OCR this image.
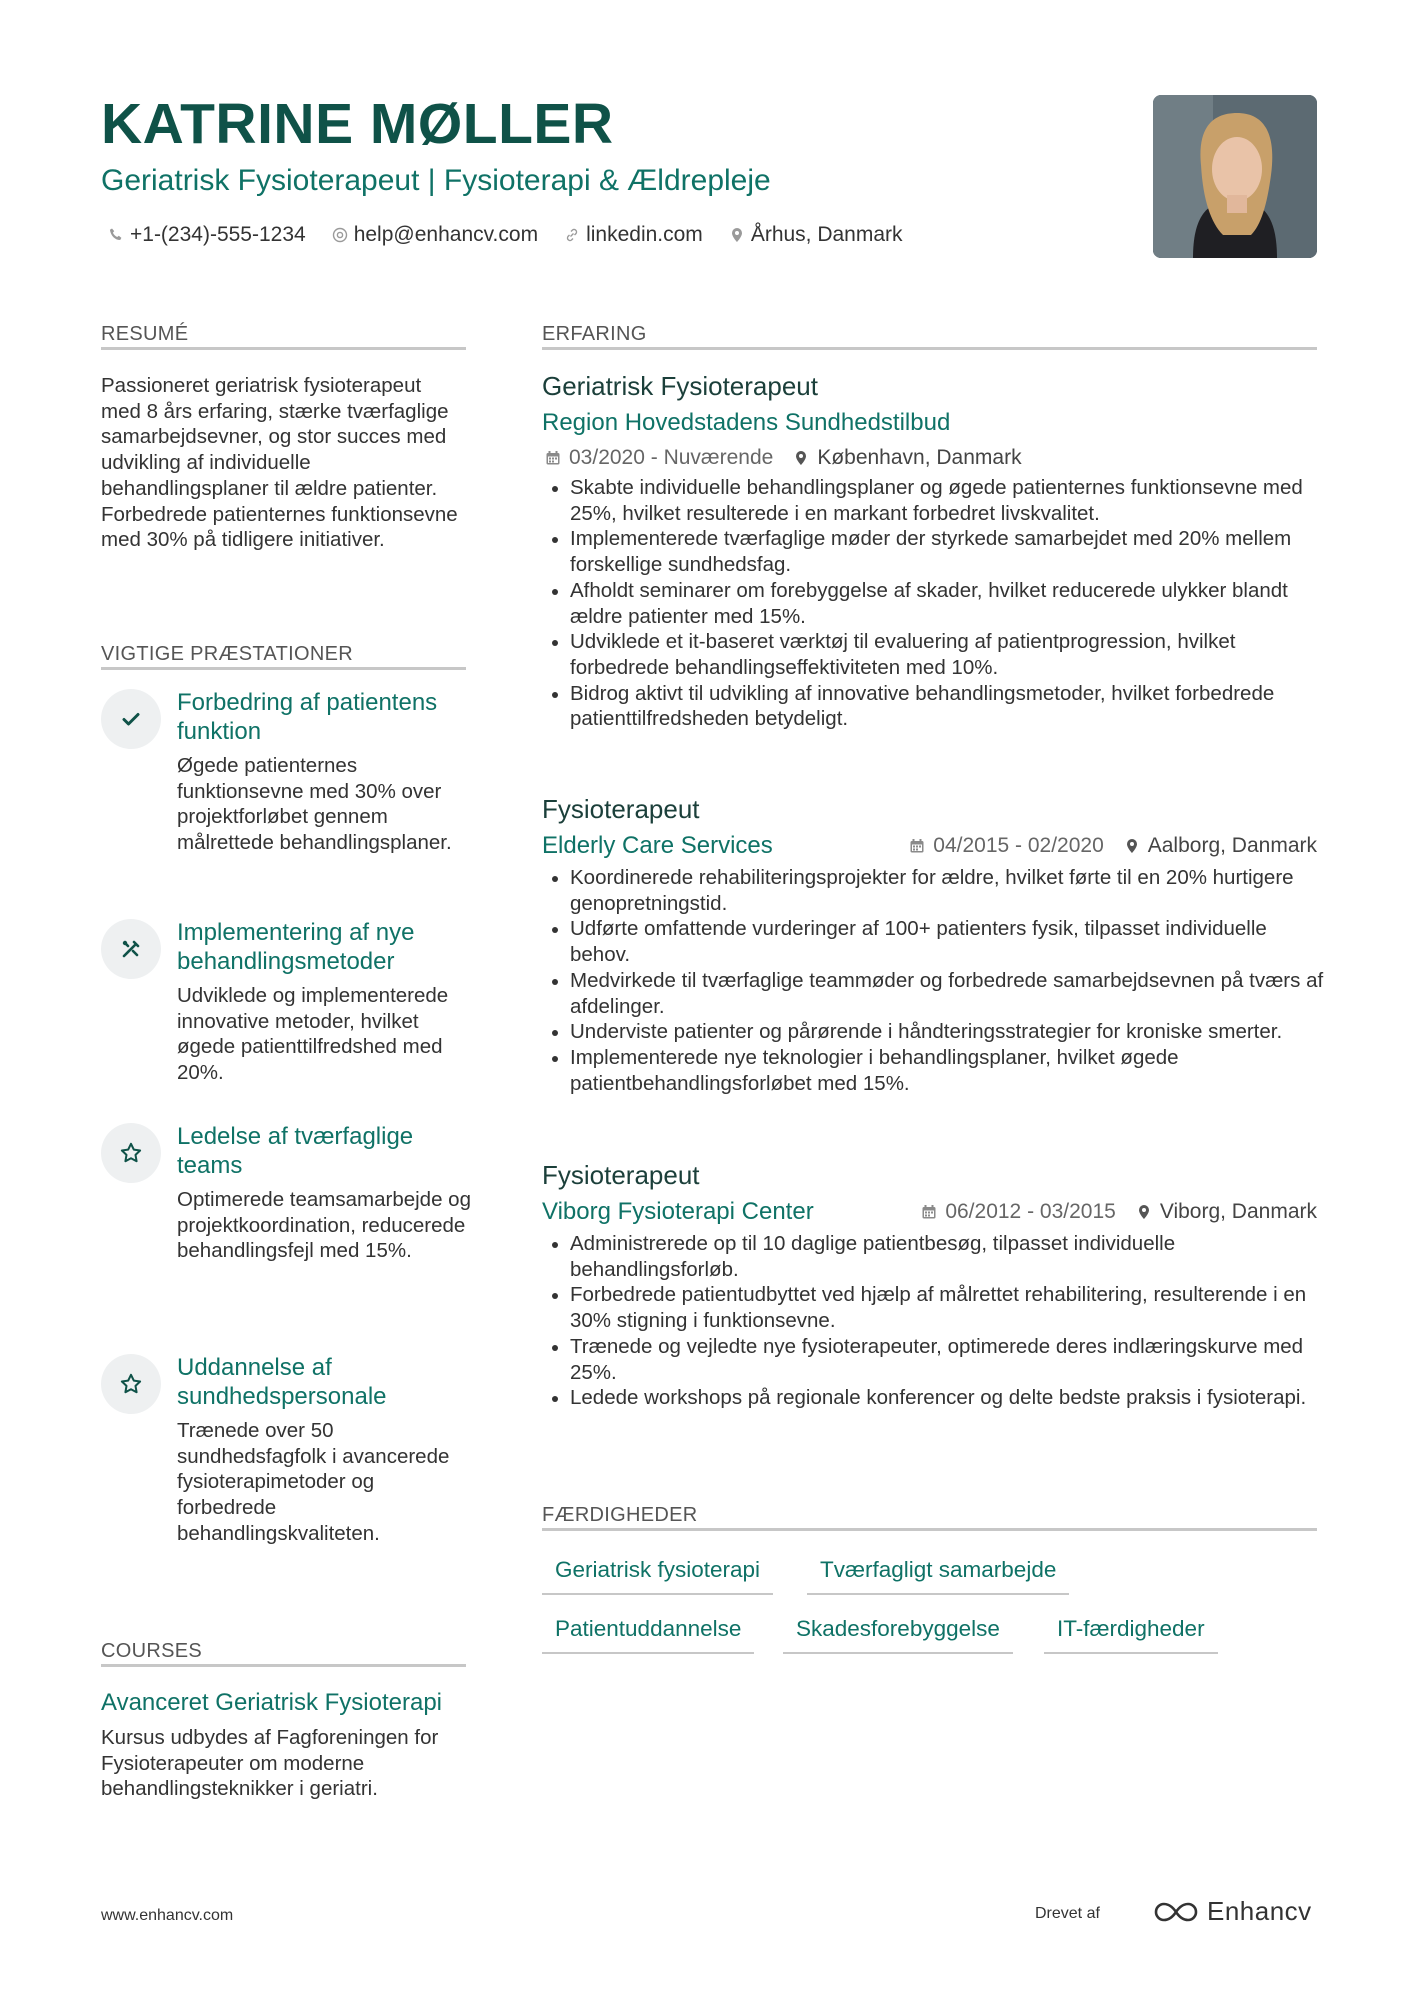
KATRINE MØLLER
Geriatrisk Fysioterapeut | Fysioterapi & Ældrepleje
+1-(234)-555-1234 help@enhancv.com linkedin.com Århus, Danmark
RESUMÉ
Passioneret geriatrisk fysioterapeut med 8 års erfaring, stærke tværfaglige samarbejdsevner, og stor succes med udvikling af individuelle behandlingsplaner til ældre patienter. Forbedrede patienternes funktionsevne med 30% på tidligere initiativer.
VIGTIGE PRÆSTATIONER
Forbedring af patientens funktion
Øgede patienternes funktionsevne med 30% over projektforløbet gennem målrettede behandlingsplaner.
Implementering af nye behandlingsmetoder
Udviklede og implementerede innovative metoder, hvilket øgede patienttilfredshed med 20%.
Ledelse af tværfaglige teams
Optimerede teamsamarbejde og projektkoordination, reducerede behandlingsfejl med 15%.
Uddannelse af sundhedspersonale
Trænede over 50 sundhedsfagfolk i avancerede fysioterapimetoder og forbedrede behandlingskvaliteten.
COURSES
Avanceret Geriatrisk Fysioterapi
Kursus udbydes af Fagforeningen for Fysioterapeuter om moderne behandlingsteknikker i geriatri.
ERFARING
Geriatrisk Fysioterapeut
Region Hovedstadens Sundhedstilbud
03/2020 - Nuværende København, Danmark
Skabte individuelle behandlingsplaner og øgede patienternes funktionsevne med 25%, hvilket resulterede i en markant forbedret livskvalitet.
Implementerede tværfaglige møder der styrkede samarbejdet med 20% mellem forskellige sundhedsfag.
Afholdt seminarer om forebyggelse af skader, hvilket reducerede ulykker blandt ældre patienter med 15%.
Udviklede et it-baseret værktøj til evaluering af patientprogression, hvilket forbedrede behandlingseffektiviteten med 10%.
Bidrog aktivt til udvikling af innovative behandlingsmetoder, hvilket forbedrede patienttilfredsheden betydeligt.
Fysioterapeut
Elderly Care Services	04/2015 - 02/2020 Aalborg, Danmark
Koordinerede rehabiliteringsprojekter for ældre, hvilket førte til en 20% hurtigere genopretningstid.
Udførte omfattende vurderinger af 100+ patienters fysik, tilpasset individuelle behov.
Medvirkede til tværfaglige teammøder og forbedrede samarbejdsevnen på tværs af afdelinger.
Underviste patienter og pårørende i håndteringsstrategier for kroniske smerter.
Implementerede nye teknologier i behandlingsplaner, hvilket øgede patientbehandlingsforløbet med 15%.
Fysioterapeut
Viborg Fysioterapi Center	06/2012 - 03/2015 Viborg, Danmark
Administrerede op til 10 daglige patientbesøg, tilpasset individuelle behandlingsforløb.
Forbedrede patientudbyttet ved hjælp af målrettet rehabilitering, resulterende i en 30% stigning i funktionsevne.
Trænede og vejledte nye fysioterapeuter, optimerede deres indlæringskurve med 25%.
Ledede workshops på regionale konferencer og delte bedste praksis i fysioterapi.
FÆRDIGHEDER
Geriatrisk fysioterapi	Tværfagligt samarbejde
Patientuddannelse	Skadesforebyggelse	IT-færdigheder
www.enhancv.com	Drevet af	Enhancv
